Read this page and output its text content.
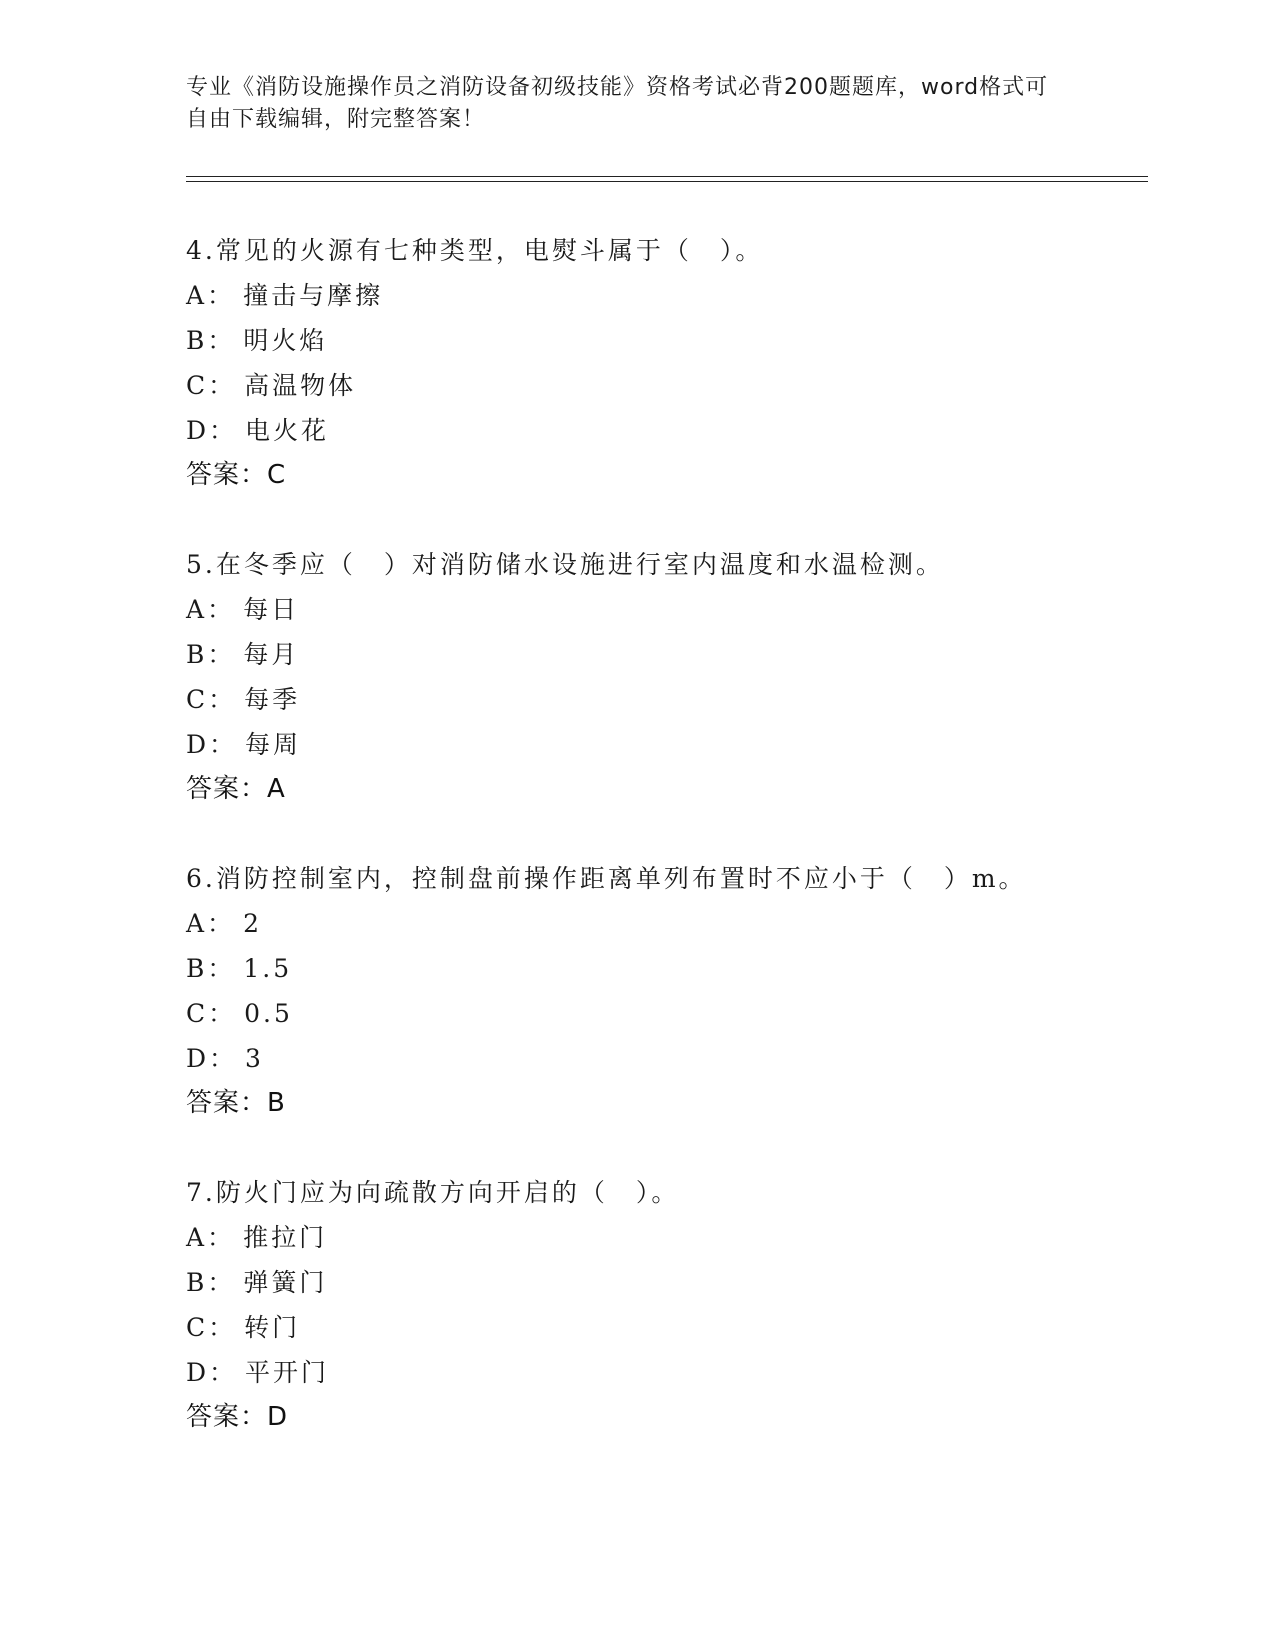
专业《消防设施操作员之消防设备初级技能》资格考试必背200题题库，word格式可自由下载编辑，附完整答案！

4.常见的火源有七种类型，电熨斗属于（　）。

A： 撞击与摩擦

B： 明火焰

C： 高温物体

D： 电火花

答案：C

5.在冬季应（　）对消防储水设施进行室内温度和水温检测。

A： 每日

B： 每月

C： 每季

D： 每周

答案：A

6.消防控制室内，控制盘前操作距离单列布置时不应小于（　）m。

A： 2

B： 1.5

C： 0.5

D： 3

答案：B

7.防火门应为向疏散方向开启的（　）。

A： 推拉门

B： 弹簧门

C： 转门

D： 平开门

答案：D
